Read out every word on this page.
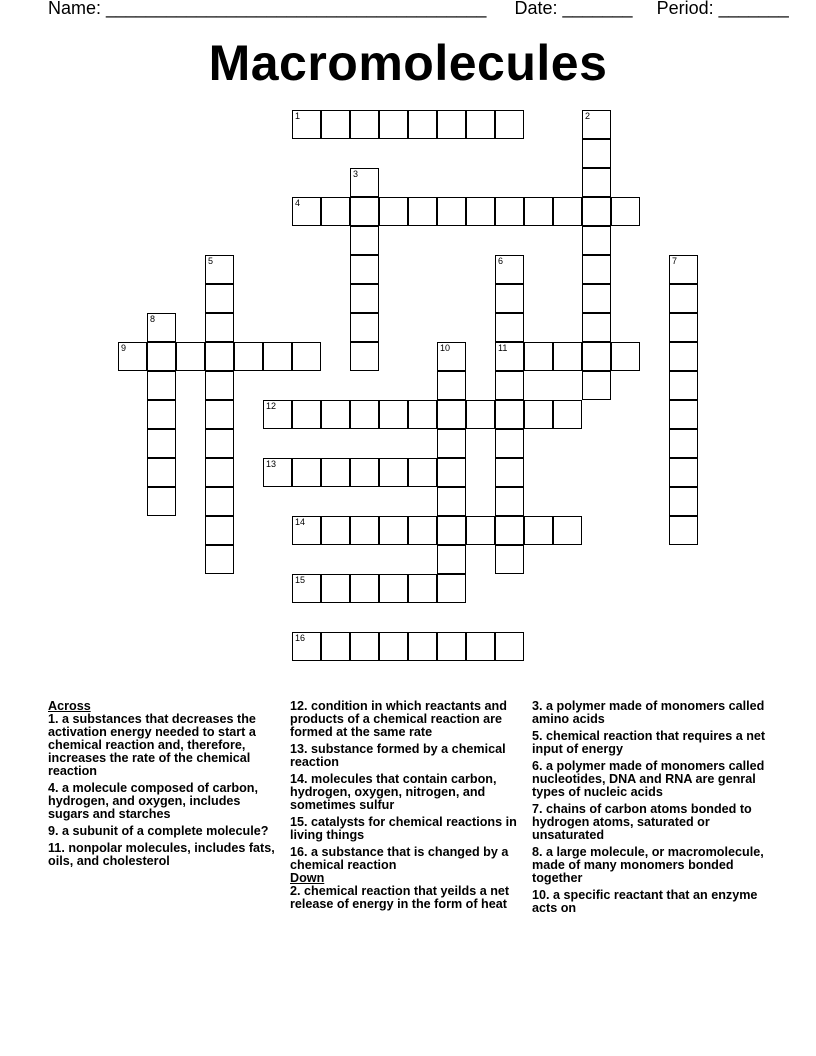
Name: ______________________________________ Date: _______ Period: _______
Macromolecules
1	2
3
4
5	6
11
7
8
9	10
12
13
14
15
16
Across
1. a substances that decreases the activation energy needed to start a chemical reaction and, therefore, increases the rate of the chemical reaction
4. a molecule composed of carbon, hydrogen, and oxygen, includes sugars and starches
9. a subunit of a complete molecule?
11. nonpolar molecules, includes fats, oils, and cholesterol
12. condition in which reactants and products of a chemical reaction are formed at the same rate
13. substance formed by a chemical reaction
14. molecules that contain carbon, hydrogen, oxygen, nitrogen, and sometimes sulfur
15. catalysts for chemical reactions in living things
16. a substance that is changed by a chemical reaction
Down
2. chemical reaction that yeilds a net release of energy in the form of heat
3. a polymer made of monomers called amino acids
5. chemical reaction that requires a net input of energy
6. a polymer made of monomers called nucleotides, DNA and RNA are genral types of nucleic acids
7. chains of carbon atoms bonded to hydrogen atoms, saturated or unsaturated
8. a large molecule, or macromolecule, made of many monomers bonded together
10. a specific reactant that an enzyme acts on
